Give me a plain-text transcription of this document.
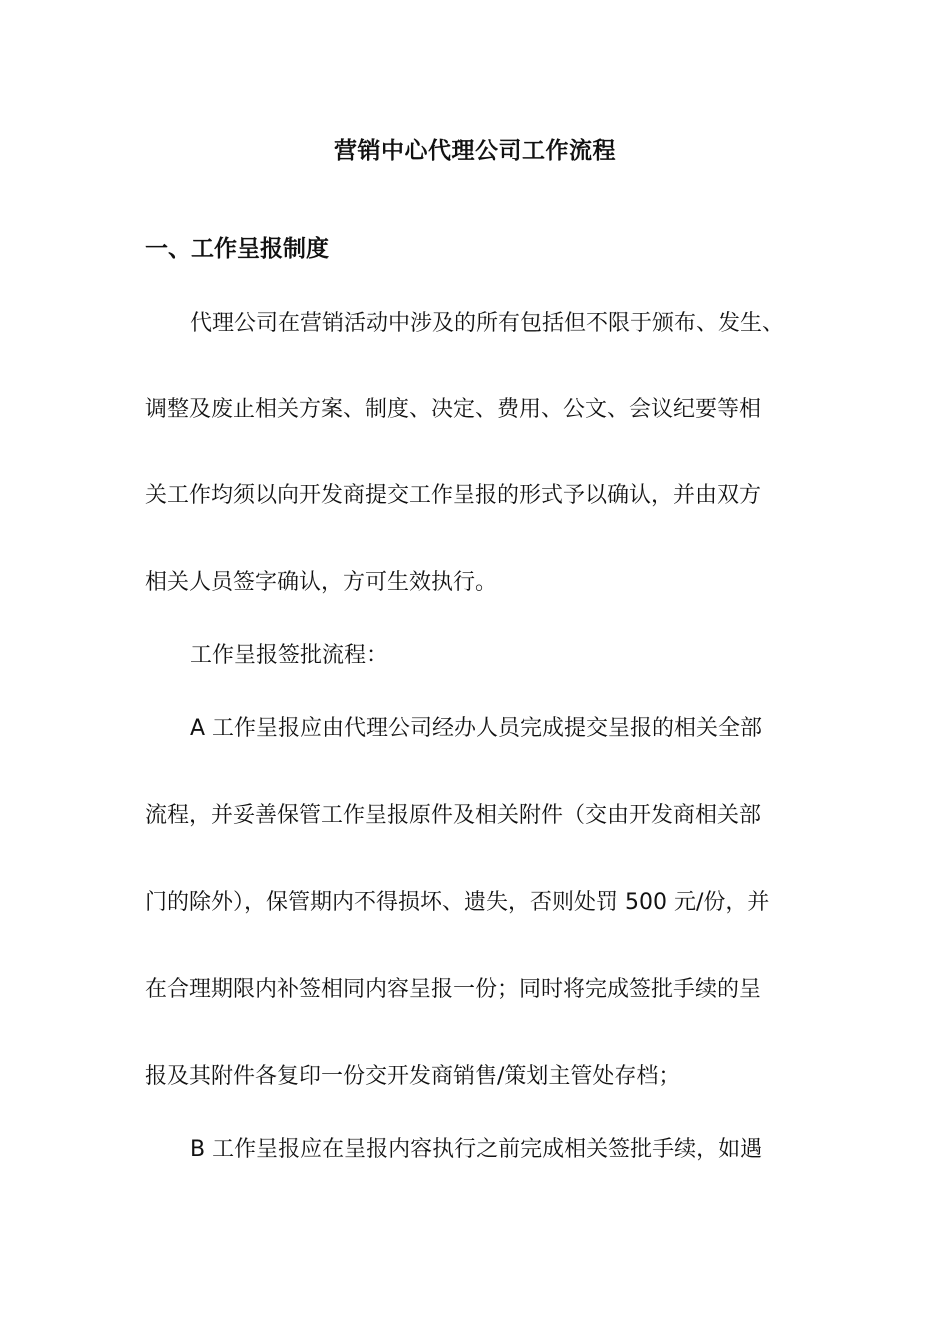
营销中心代理公司工作流程
一、工作呈报制度
代理公司在营销活动中涉及的所有包括但不限于颁布、发生、
调整及废止相关方案、制度、决定、费用、公文、会议纪要等相
关工作均须以向开发商提交工作呈报的形式予以确认，并由双方
相关人员签字确认，方可生效执行。
工作呈报签批流程：
A 工作呈报应由代理公司经办人员完成提交呈报的相关全部
流程，并妥善保管工作呈报原件及相关附件（交由开发商相关部
门的除外），保管期内不得损坏、遗失，否则处罚 500 元/份，并
在合理期限内补签相同内容呈报一份；同时将完成签批手续的呈
报及其附件各复印一份交开发商销售/策划主管处存档；
B 工作呈报应在呈报内容执行之前完成相关签批手续，如遇
